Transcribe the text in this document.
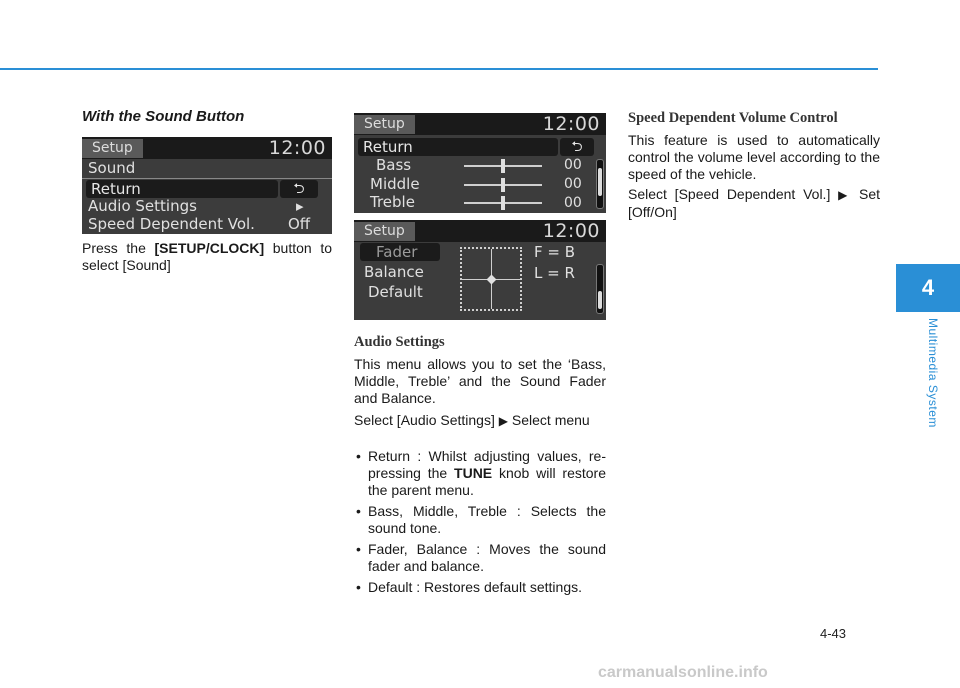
With the Sound Button
Setup	12:00
Sound
Return	⮌
Audio Settings	▸
Speed Dependent Vol. Off

Press the [SETUP/CLOCK] button to select [Sound]

Setup	12:00
Return	⮌
Bass	00
Middle	00
Treble	00
Setup	12:00
Fader
Balance
Default
F = B
L = R
Audio Settings

This menu allows you to set the ‘Bass, Middle, Treble’ and the Sound Fader and Balance.

Select [Audio Settings] ▶ Select menu

• Return : Whilst adjusting values, re-pressing the TUNE knob will restore the parent menu.
• Bass, Middle, Treble : Selects the sound tone.
• Fader, Balance : Moves the sound fader and balance.
• Default : Restores default settings.
Speed Dependent Volume Control

This feature is used to automatically control the volume level according to the speed of the vehicle.

Select [Speed Dependent Vol.] ▶ Set [Off/On]

4
Multimedia System
4-43
carmanualsonline.info
